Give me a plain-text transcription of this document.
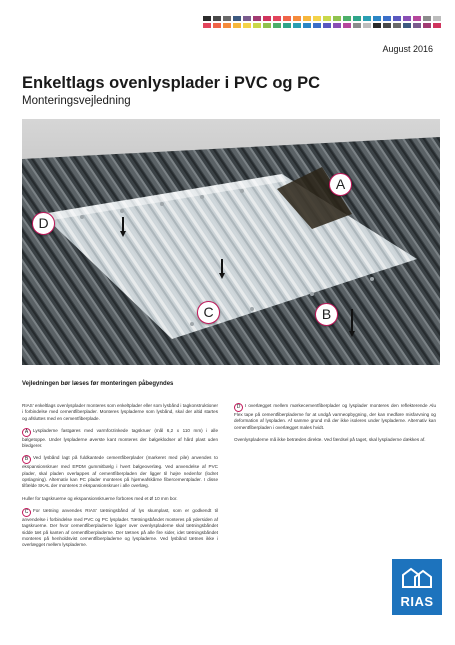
August 2016
Enkeltlags ovenlysplader i PVC og PC
Monteringsvejledning
A
B
C
D
Vejledningen bør læses før monteringen påbegyndes

RIAS' enkeltlags ovenlysplader monteres som enkeltplader eller som lysbånd i tagkonstruktioner i forbindelse med cementfiberplader. Monteres lyspladerne som lysbånd, skal der altid startes og afsluttes med en cementfiberplade.

A Lyspladerne fastgøres med varmforzinkede tagskruer (mål 6,2 x 110 mm) i alle bølgetoppe. Under lyspladerne øverste kant monteres der bølgeklodser af hård plast uden bledgerer.

B Ved lysbånd lagt på fuldkantede cementfiberplader (markeret med pile) anvendes to ekspansionskruer med EPDM gummitbælg i hvert bølgeoverlæg. Ved anvendelse af PVC plader, skal pladen overlappes af cementfiberpladen der ligger til højre nedenfor (lodret opslagning). Alternativ kan PC plader monteres på hjørneafskårne fibercementplader. I disse tilfælde SKAL der monteres 3 ekspansionskruer i alle overlæg.

Huller for tagskruerne og ekspansionskruerne forbores med et Ø 10 mm bor.

C For tætning anvendes RIAS' tætningsbånd af lys skumplast, som er godkendt til anvendelse i forbindelse med PVC og PC lysplader. Tætningsbåndet monteres på ydersiden af tagskruerne. Der hvor cementfiberpladerne ligger over ovenlyspladerne skal tætningsbåndet sidde tæt på kanten af cementfiberpladerne. Der tætnes på alle fire sider, idet tætningsbåndet monteres på henholdsvist cementfiberpladerne og lyspladerne. Ved lysbånd tætnes ikke i overlægget mellem lyspladerne.

D I overlægget mellem mørkecementfiberplader og lysplader monteres den reflekterende Alu Flex tape på cementfiberpladerne for at undgå varmeopbygning, der kan medføre misfarvning og deformation af lyspladen. Af samme grund må der ikke isoleres under lyspladerne. Alternativ kan cementfiberpladen i overlægget males hvidt.

Ovenlyspladerne må ikke betrædes direkte. Ved færdsel på taget, skal lyspladerne dækkes af.

RIAS
